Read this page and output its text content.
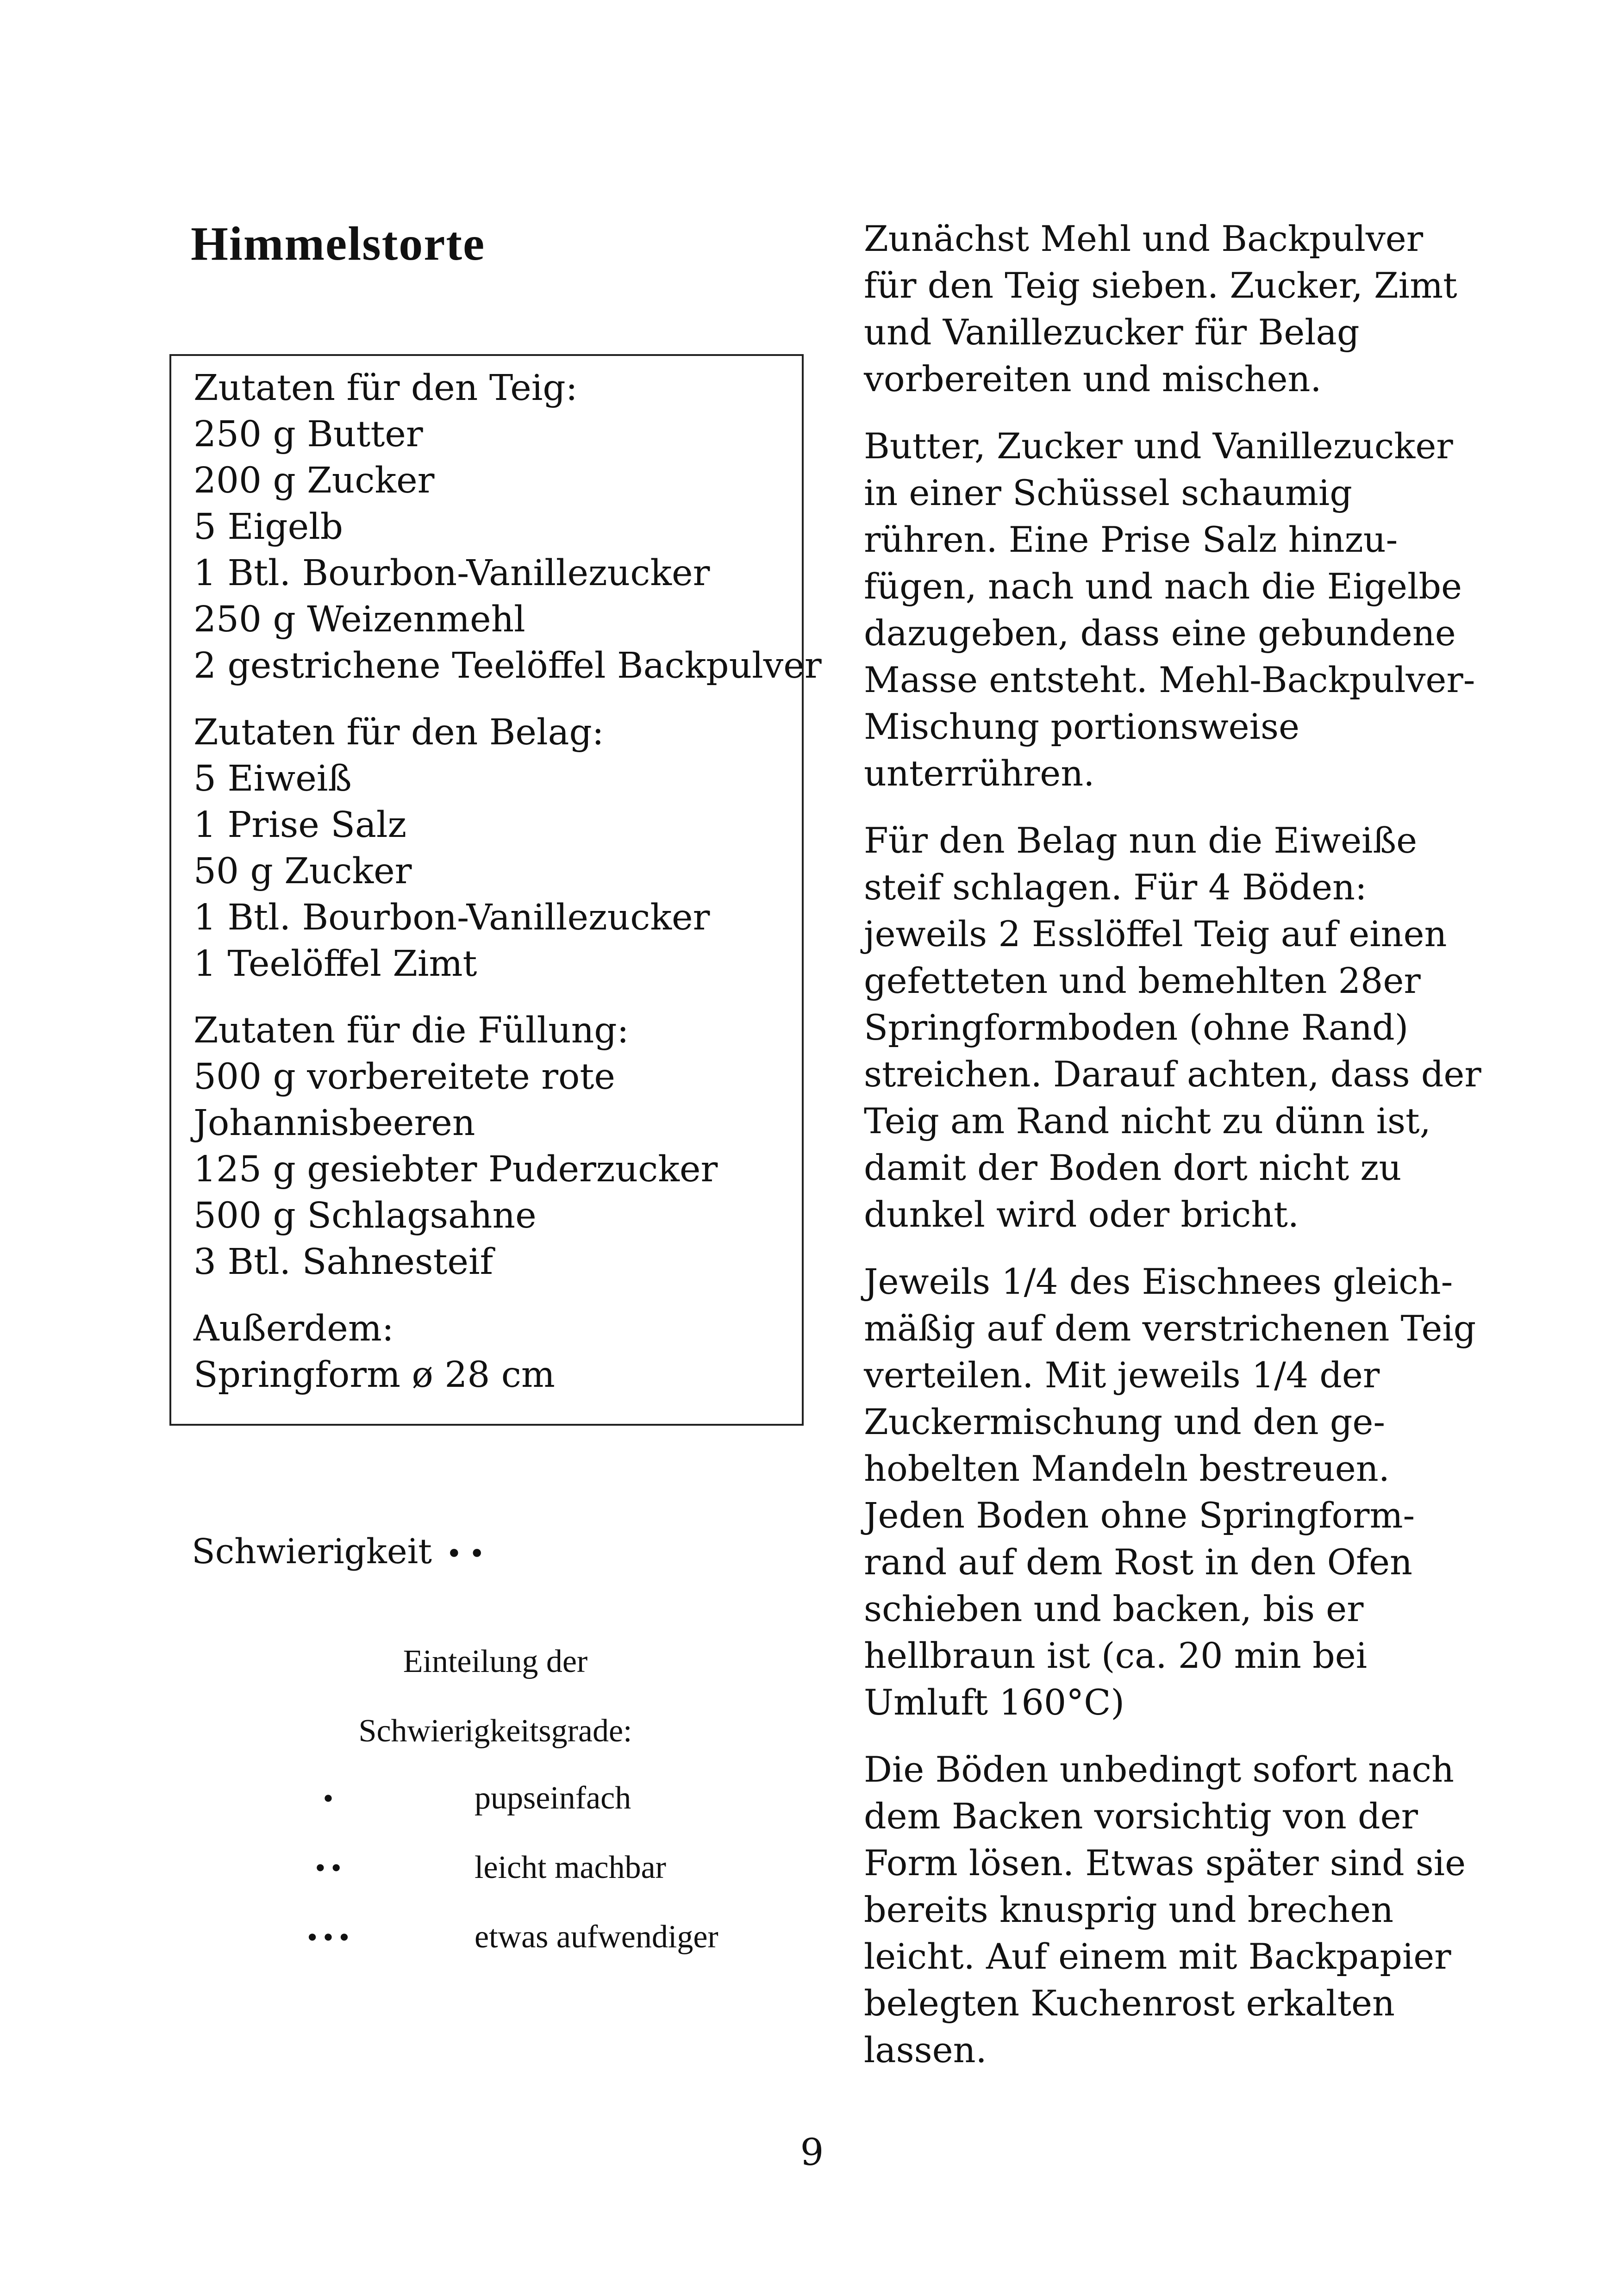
Himmelstorte
Zutaten für den Teig:
250 g Butter
200 g Zucker
5 Eigelb
1 Btl. Bourbon-Vanillezucker
250 g Weizenmehl
2 gestrichene Teelöffel Backpulver
Zutaten für den Belag:
5 Eiweiß
1 Prise Salz
50 g Zucker
1 Btl. Bourbon-Vanillezucker
1 Teelöffel Zimt
Zutaten für die Füllung:
500 g vorbereitete rote
Johannisbeeren
125 g gesiebter Puderzucker
500 g Schlagsahne
3 Btl. Sahnesteif
Außerdem:
Springform ø 28 cm
Schwierigkeit ••
Einteilung der
Schwierigkeitsgrade:
•	pupseinfach
••	leicht machbar
•••	etwas aufwendiger
Zunächst Mehl und Backpulver
für den Teig sieben. Zucker, Zimt
und Vanillezucker für Belag
vorbereiten und mischen.
Butter, Zucker und Vanillezucker
in einer Schüssel schaumig
rühren. Eine Prise Salz hinzu-
fügen, nach und nach die Eigelbe
dazugeben, dass eine gebundene
Masse entsteht. Mehl-Backpulver-
Mischung portionsweise
unterrühren.
Für den Belag nun die Eiweiße
steif schlagen. Für 4 Böden:
jeweils 2 Esslöffel Teig auf einen
gefetteten und bemehlten 28er
Springformboden (ohne Rand)
streichen. Darauf achten, dass der
Teig am Rand nicht zu dünn ist,
damit der Boden dort nicht zu
dunkel wird oder bricht.
Jeweils 1/4 des Eischnees gleich-
mäßig auf dem verstrichenen Teig
verteilen. Mit jeweils 1/4 der
Zuckermischung und den ge-
hobelten Mandeln bestreuen.
Jeden Boden ohne Springform-
rand auf dem Rost in den Ofen
schieben und backen, bis er
hellbraun ist (ca. 20 min bei
Umluft 160°C)
Die Böden unbedingt sofort nach
dem Backen vorsichtig von der
Form lösen. Etwas später sind sie
bereits knusprig und brechen
leicht. Auf einem mit Backpapier
belegten Kuchenrost erkalten
lassen.
9
